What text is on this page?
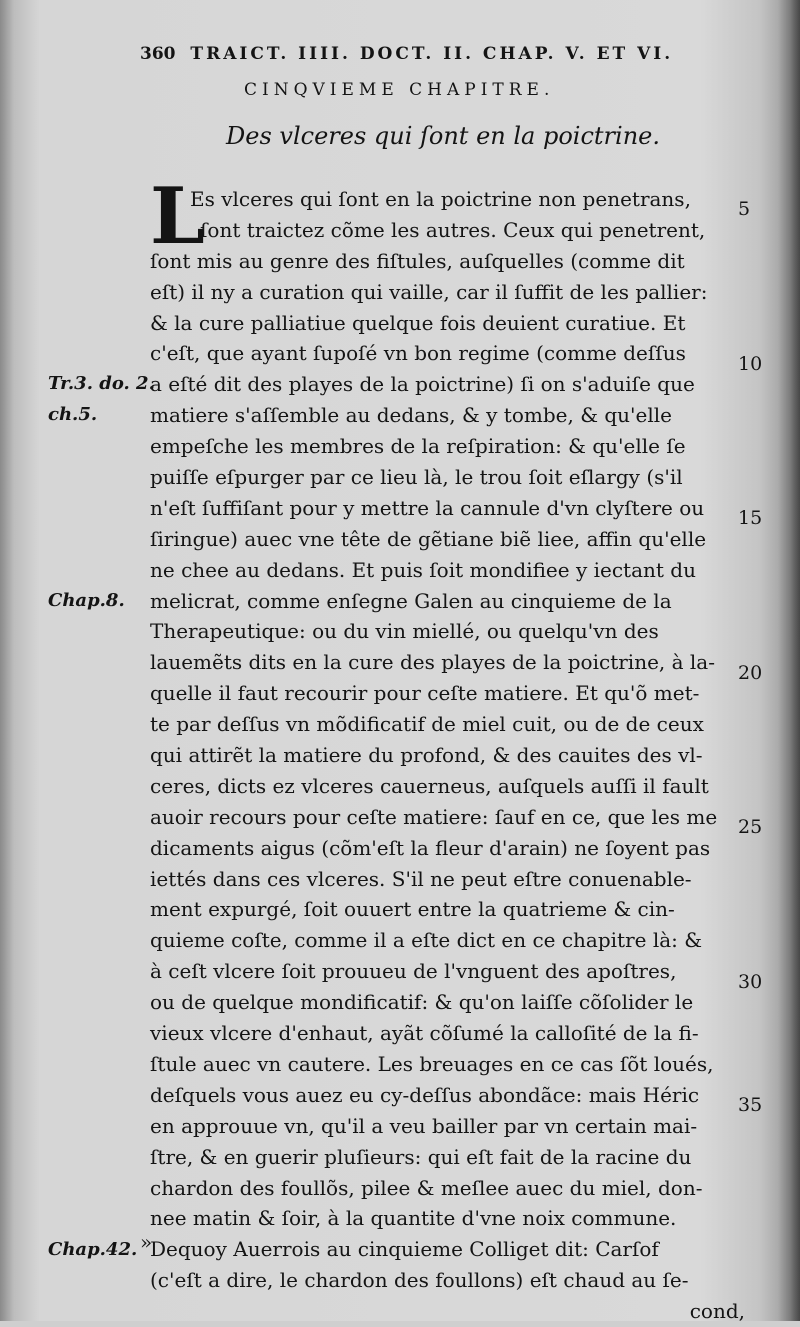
360 TRAICT. IIII. DOCT. II. CHAP. V. ET VI.
CINQVIEME CHAPITRE.
Des vlceres qui ſont en la poictrine.
L
Es vlceres qui ſont en la poictrine non penetrans,
ſont traictez cõme les autres. Ceux qui penetrent,
ſont mis au genre des fiſtules, auſquelles (comme dit
eſt) il ny a curation qui vaille, car il ſuffit de les pallier:
& la cure palliatiue quelque fois deuient curatiue. Et
c'eſt, que ayant ſupoſé vn bon regime (comme deſſus
a eſté dit des playes de la poictrine) ſi on s'aduiſe que
matiere s'aſſemble au dedans, & y tombe, & qu'elle
empeſche les membres de la reſpiration: & qu'elle ſe
puiſſe eſpurger par ce lieu là, le trou ſoit eſlargy (s'il
n'eſt ſuffiſant pour y mettre la cannule d'vn clyſtere ou
ſiringue) auec vne tête de gẽtiane biẽ liee, affin qu'elle
ne chee au dedans. Et puis ſoit mondifiee y iectant du
melicrat, comme enſegne Galen au cinquieme de la
Therapeutique: ou du vin miellé, ou quelqu'vn des
lauemẽts dits en la cure des playes de la poictrine, à la-
quelle il faut recourir pour ceſte matiere. Et qu'õ met-
te par deſſus vn mõdificatif de miel cuit, ou de de ceux
qui attirẽt la matiere du profond, & des cauites des vl-
ceres, dicts ez vlceres cauerneus, auſquels auſſi il fault
auoir recours pour ceſte matiere: ſauf en ce, que les me
dicaments aigus (cõm'eſt la fleur d'arain) ne ſoyent pas
iettés dans ces vlceres. S'il ne peut eſtre conuenable-
ment expurgé, ſoit ouuert entre la quatrieme & cin-
quieme coſte, comme il a eſte dict en ce chapitre là: &
à ceſt vlcere ſoit prouueu de l'vnguent des apoſtres,
ou de quelque mondificatif: & qu'on laiſſe cõſolider le
vieux vlcere d'enhaut, ayãt cõſumé la calloſité de la fi-
ſtule auec vn cautere. Les breuages en ce cas ſõt loués,
deſquels vous auez eu cy-deſſus abondãce: mais Héric
en approuue vn, qu'il a veu bailler par vn certain mai-
ſtre, & en guerir pluſieurs: qui eſt fait de la racine du
chardon des foullõs, pilee & meſlee auec du miel, don-
nee matin & ſoir, à la quantite d'vne noix commune.
Dequoy Auerrois au cinquieme Colliget dit: Carſof
(c'eſt a dire, le chardon des foullons) eſt chaud au ſe-
cond,
Tr.3. do. 2.
ch.5.
Chap.8.
Chap.42.
5
10
15
20
25
30
35
»
